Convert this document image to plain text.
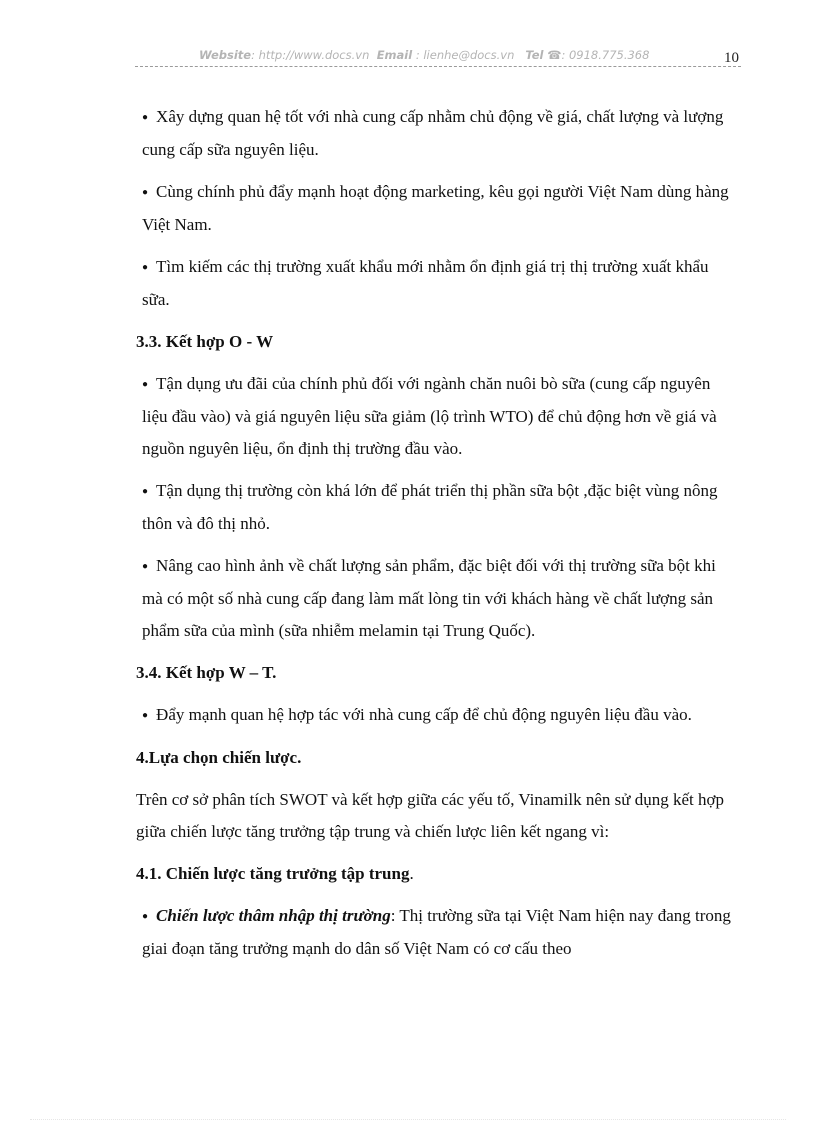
Website: http://www.docs.vn Email : lienhe@docs.vn Tel ☎: 0918.775.368	10

● Xây dựng quan hệ tốt với nhà cung cấp nhằm chủ động về giá, chất lượng và lượng cung cấp sữa nguyên liệu.

● Cùng chính phủ đẩy mạnh hoạt động marketing, kêu gọi người Việt Nam dùng hàng Việt Nam.

● Tìm kiếm các thị trường xuất khẩu mới nhằm ổn định giá trị thị trường xuất khẩu sữa.

3.3. Kết hợp O - W

● Tận dụng ưu đãi của chính phủ đối với ngành chăn nuôi bò sữa (cung cấp nguyên liệu đầu vào) và giá nguyên liệu sữa giảm (lộ trình WTO) để chủ động hơn về giá và nguồn nguyên liệu, ổn định thị trường đầu vào.

● Tận dụng thị trường còn khá lớn để phát triển thị phần sữa bột ,đặc biệt vùng nông thôn và đô thị nhỏ.

● Nâng cao hình ảnh về chất lượng sản phẩm, đặc biệt đối với thị trường sữa bột khi mà có một số nhà cung cấp đang làm mất lòng tin với khách hàng về chất lượng sản phẩm sữa của mình (sữa nhiễm melamin tại Trung Quốc).

3.4. Kết hợp W – T.

● Đẩy mạnh quan hệ hợp tác với nhà cung cấp để chủ động nguyên liệu đầu vào.

4.Lựa chọn chiến lược.

Trên cơ sở phân tích SWOT và kết hợp giữa các yếu tố, Vinamilk nên sử dụng kết hợp giữa chiến lược tăng trưởng tập trung và chiến lược liên kết ngang vì:

4.1. Chiến lược tăng trưởng tập trung.

● Chiến lược thâm nhập thị trường: Thị trường sữa tại Việt Nam hiện nay đang trong giai đoạn tăng trưởng mạnh do dân số Việt Nam có cơ cấu theo
